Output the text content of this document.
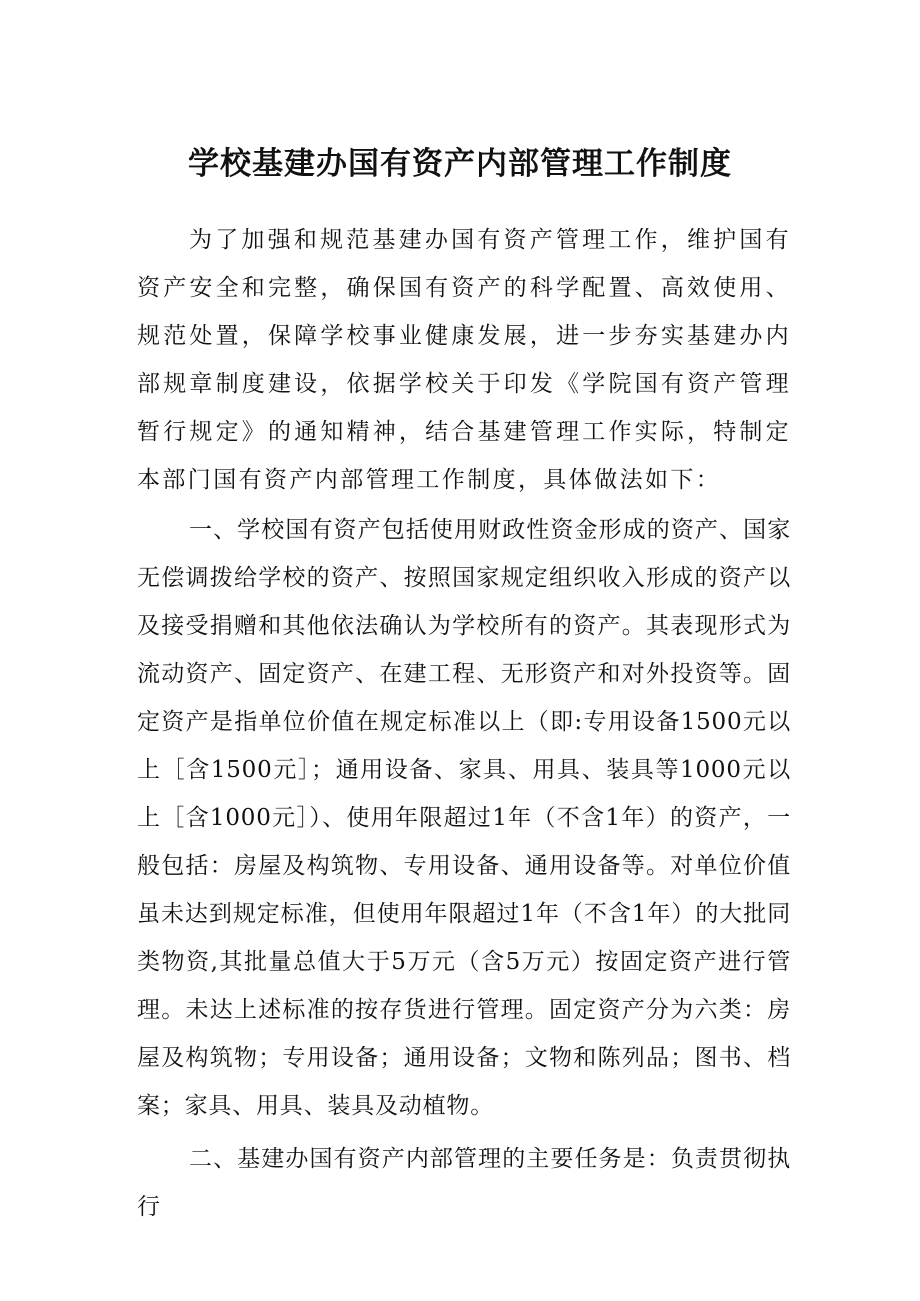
学校基建办国有资产内部管理工作制度

为了加强和规范基建办国有资产管理工作，维护国有资产安全和完整，确保国有资产的科学配置、高效使用、规范处置，保障学校事业健康发展，进一步夯实基建办内部规章制度建设，依据学校关于印发《学院国有资产管理暂行规定》的通知精神，结合基建管理工作实际，特制定本部门国有资产内部管理工作制度，具体做法如下：

一、学校国有资产包括使用财政性资金形成的资产、国家无偿调拨给学校的资产、按照国家规定组织收入形成的资产以及接受捐赠和其他依法确认为学校所有的资产。其表现形式为流动资产、固定资产、在建工程、无形资产和对外投资等。固定资产是指单位价值在规定标准以上（即:专用设备1500元以上［含1500元］；通用设备、家具、用具、装具等1000元以上［含1000元］）、使用年限超过1年（不含1年）的资产，一般包括：房屋及构筑物、专用设备、通用设备等。对单位价值虽未达到规定标准，但使用年限超过1年（不含1年）的大批同类物资,其批量总值大于5万元（含5万元）按固定资产进行管理。未达上述标准的按存货进行管理。固定资产分为六类：房屋及构筑物；专用设备；通用设备；文物和陈列品；图书、档案；家具、用具、装具及动植物。

二、基建办国有资产内部管理的主要任务是：负责贯彻执行
